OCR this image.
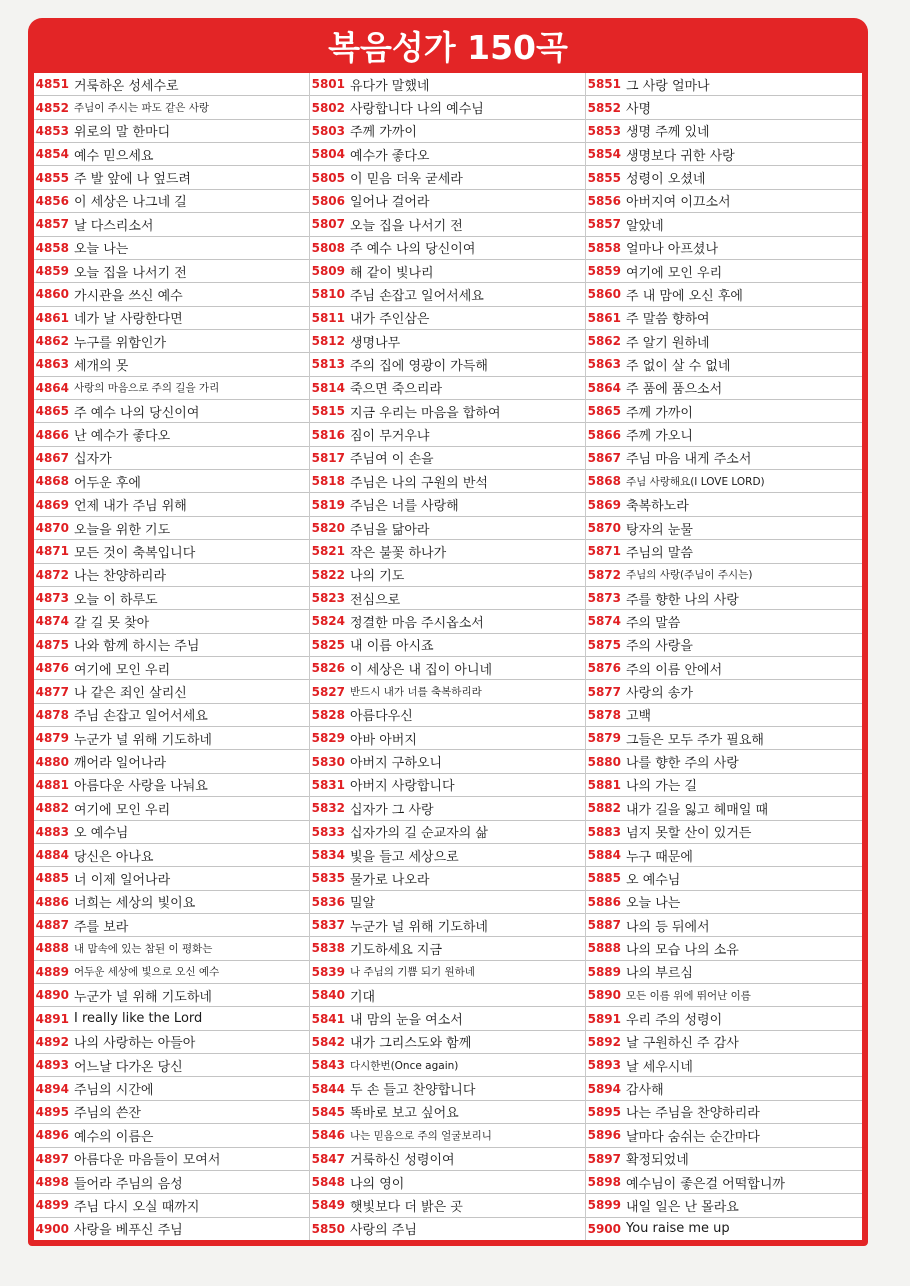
복음성가 150곡
4851 거룩하온 성세수로
4852 주님이 주시는 파도 같은 사랑
4853 위로의 말 한마디
4854 예수 믿으세요
4855 주 발 앞에 나 엎드려
4856 이 세상은 나그네 길
4857 날 다스리소서
4858 오늘 나는
4859 오늘 집을 나서기 전
4860 가시관을 쓰신 예수
4861 네가 날 사랑한다면
4862 누구를 위함인가
4863 세개의 못
4864 사랑의 마음으로 주의 길을 가리
4865 주 예수 나의 당신이여
4866 난 예수가 좋다오
4867 십자가
4868 어두운 후에
4869 언제 내가 주님 위해
4870 오늘을 위한 기도
4871 모든 것이 축복입니다
4872 나는 찬양하리라
4873 오늘 이 하루도
4874 갈 길 못 찾아
4875 나와 함께 하시는 주님
4876 여기에 모인 우리
4877 나 같은 죄인 살리신
4878 주님 손잡고 일어서세요
4879 누군가 널 위해 기도하네
4880 깨어라 일어나라
4881 아름다운 사랑을 나눠요
4882 여기에 모인 우리
4883 오 예수님
4884 당신은 아나요
4885 너 이제 일어나라
4886 너희는 세상의 빛이요
4887 주를 보라
4888 내 맘속에 있는 참된 이 평화는
4889 어두운 세상에 빛으로 오신 예수
4890 누군가 널 위해 기도하네
4891 I really like the Lord
4892 나의 사랑하는 아들아
4893 어느날 다가온 당신
4894 주님의 시간에
4895 주님의 쓴잔
4896 예수의 이름은
4897 아름다운 마음들이 모여서
4898 들어라 주님의 음성
4899 주님 다시 오실 때까지
4900 사랑을 베푸신 주님
5801 유다가 말했네
5802 사랑합니다 나의 예수님
5803 주께 가까이
5804 예수가 좋다오
5805 이 믿음 더욱 굳세라
5806 일어나 걸어라
5807 오늘 집을 나서기 전
5808 주 예수 나의 당신이여
5809 해 같이 빛나리
5810 주님 손잡고 일어서세요
5811 내가 주인삼은
5812 생명나무
5813 주의 집에 영광이 가득해
5814 죽으면 죽으리라
5815 지금 우리는 마음을 합하여
5816 짐이 무거우냐
5817 주님여 이 손을
5818 주님은 나의 구원의 반석
5819 주님은 너를 사랑해
5820 주님을 닮아라
5821 작은 불꽃 하나가
5822 나의 기도
5823 전심으로
5824 정결한 마음 주시옵소서
5825 내 이름 아시죠
5826 이 세상은 내 집이 아니네
5827 반드시 내가 너를 축복하리라
5828 아름다우신
5829 아바 아버지
5830 아버지 구하오니
5831 아버지 사랑합니다
5832 십자가 그 사랑
5833 십자가의 길 순교자의 삶
5834 빛을 들고 세상으로
5835 물가로 나오라
5836 밀알
5837 누군가 널 위해 기도하네
5838 기도하세요 지금
5839 나 주님의 기쁨 되기 원하네
5840 기대
5841 내 맘의 눈을 여소서
5842 내가 그리스도와 함께
5843 다시한번(Once again)
5844 두 손 들고 찬양합니다
5845 똑바로 보고 싶어요
5846 나는 믿음으로 주의 얼굴보리니
5847 거룩하신 성령이여
5848 나의 영이
5849 햇빛보다 더 밝은 곳
5850 사랑의 주님
5851 그 사랑 얼마나
5852 사명
5853 생명 주께 있네
5854 생명보다 귀한 사랑
5855 성령이 오셨네
5856 아버지여 이끄소서
5857 알았네
5858 얼마나 아프셨나
5859 여기에 모인 우리
5860 주 내 맘에 오신 후에
5861 주 말씀 향하여
5862 주 알기 원하네
5863 주 없이 살 수 없네
5864 주 품에 품으소서
5865 주께 가까이
5866 주께 가오니
5867 주님 마음 내게 주소서
5868 주님 사랑해요(I LOVE LORD)
5869 축복하노라
5870 탕자의 눈물
5871 주님의 말씀
5872 주님의 사랑(주님이 주시는)
5873 주를 향한 나의 사랑
5874 주의 말씀
5875 주의 사랑을
5876 주의 이름 안에서
5877 사랑의 송가
5878 고백
5879 그들은 모두 주가 필요해
5880 나를 향한 주의 사랑
5881 나의 가는 길
5882 내가 길을 잃고 헤매일 때
5883 넘지 못할 산이 있거든
5884 누구 때문에
5885 오 예수님
5886 오늘 나는
5887 나의 등 뒤에서
5888 나의 모습 나의 소유
5889 나의 부르심
5890 모든 이름 위에 뛰어난 이름
5891 우리 주의 성령이
5892 날 구원하신 주 감사
5893 날 세우시네
5894 감사해
5895 나는 주님을 찬양하리라
5896 날마다 숨쉬는 순간마다
5897 확정되었네
5898 예수님이 좋은걸 어떡합니까
5899 내일 일은 난 몰라요
5900 You raise me up
